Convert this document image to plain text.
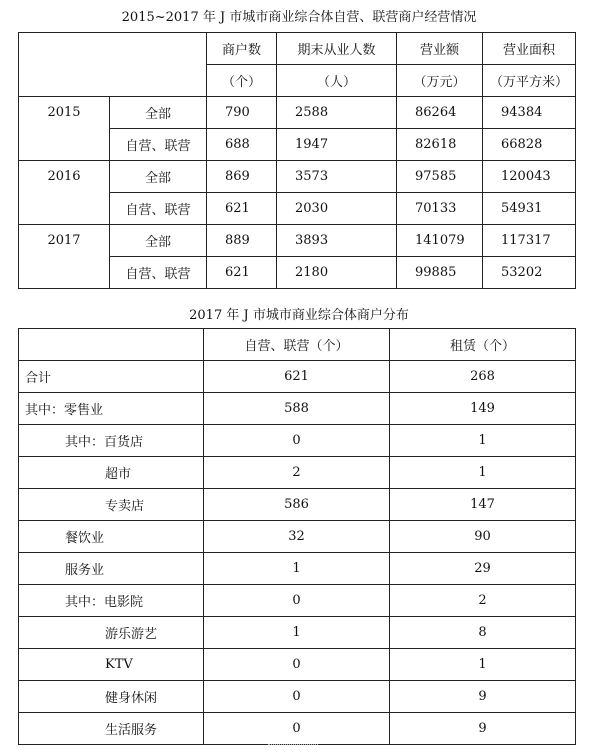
2015~2017 年 J 市城市商业综合体自营、联营商户经营情况
		商户数	期末从业人数	营业额	营业面积
		（个）	（人）	（万元）	（万平方米）
2015	全部	790	2588	86264	94384
	自营、联营	688	1947	82618	66828
2016	全部	869	3573	97585	120043
	自营、联营	621	2030	70133	54931
2017	全部	889	3893	141079	117317
	自营、联营	621	2180	99885	53202
2017 年 J 市城市商业综合体商户分布
	自营、联营（个）	租赁（个）
合计	621	268
其中：零售业	588	149
其中：百货店	0	1
超市	2	1
专卖店	586	147
餐饮业	32	90
服务业	1	29
其中：电影院	0	2
游乐游艺	1	8
KTV	0	1
健身休闲	0	9
生活服务	0	9
